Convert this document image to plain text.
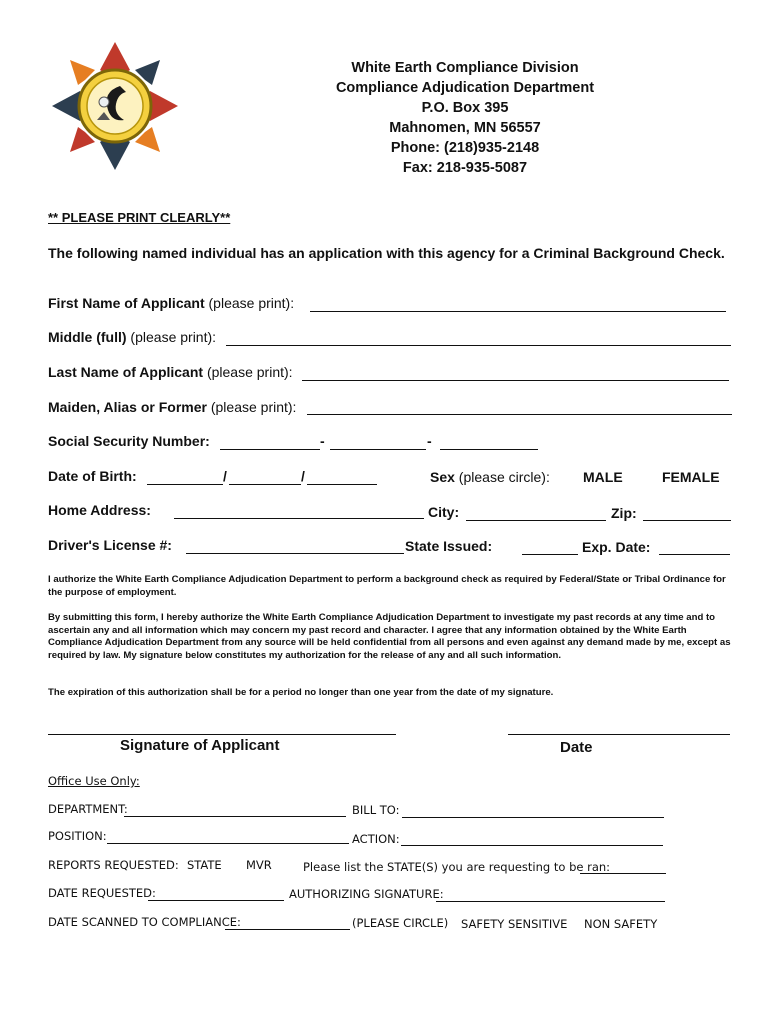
White Earth Compliance Division
Compliance Adjudication Department
P.O. Box 395
Mahnomen, MN 56557
Phone: (218)935-2148
Fax: 218-935-5087
** PLEASE PRINT CLEARLY**
The following named individual has an application with this agency for a Criminal Background Check.
First Name of Applicant (please print):
Middle (full) (please print):
Last Name of Applicant (please print):
Maiden, Alias or Former (please print):
Social Security Number:	-	-
Date of Birth:	/	/	Sex (please circle): MALE	FEMALE
Home Address:	City:	Zip:
Driver's License #:	State Issued:	Exp. Date:
I authorize the White Earth Compliance Adjudication Department to perform a background check as required by Federal/State or Tribal Ordinance for the purpose of employment.
By submitting this form, I hereby authorize the White Earth Compliance Adjudication Department to investigate my past records at any time and to ascertain any and all information which may concern my past record and character. I agree that any information obtained by the White Earth Compliance Adjudication Department from any source will be held confidential from all persons and even against any demand made by me, except as required by law. My signature below constitutes my authorization for the release of any and all such information.
The expiration of this authorization shall be for a period no longer than one year from the date of my signature.
Signature of Applicant	Date
Office Use Only:
DEPARTMENT:	BILL TO:
POSITION:	ACTION:
REPORTS REQUESTED: STATE MVR	Please list the STATE(S) you are requesting to be ran:
DATE REQUESTED:	AUTHORIZING SIGNATURE:
DATE SCANNED TO COMPLIANCE:	(PLEASE CIRCLE) SAFETY SENSITIVE NON SAFETY
